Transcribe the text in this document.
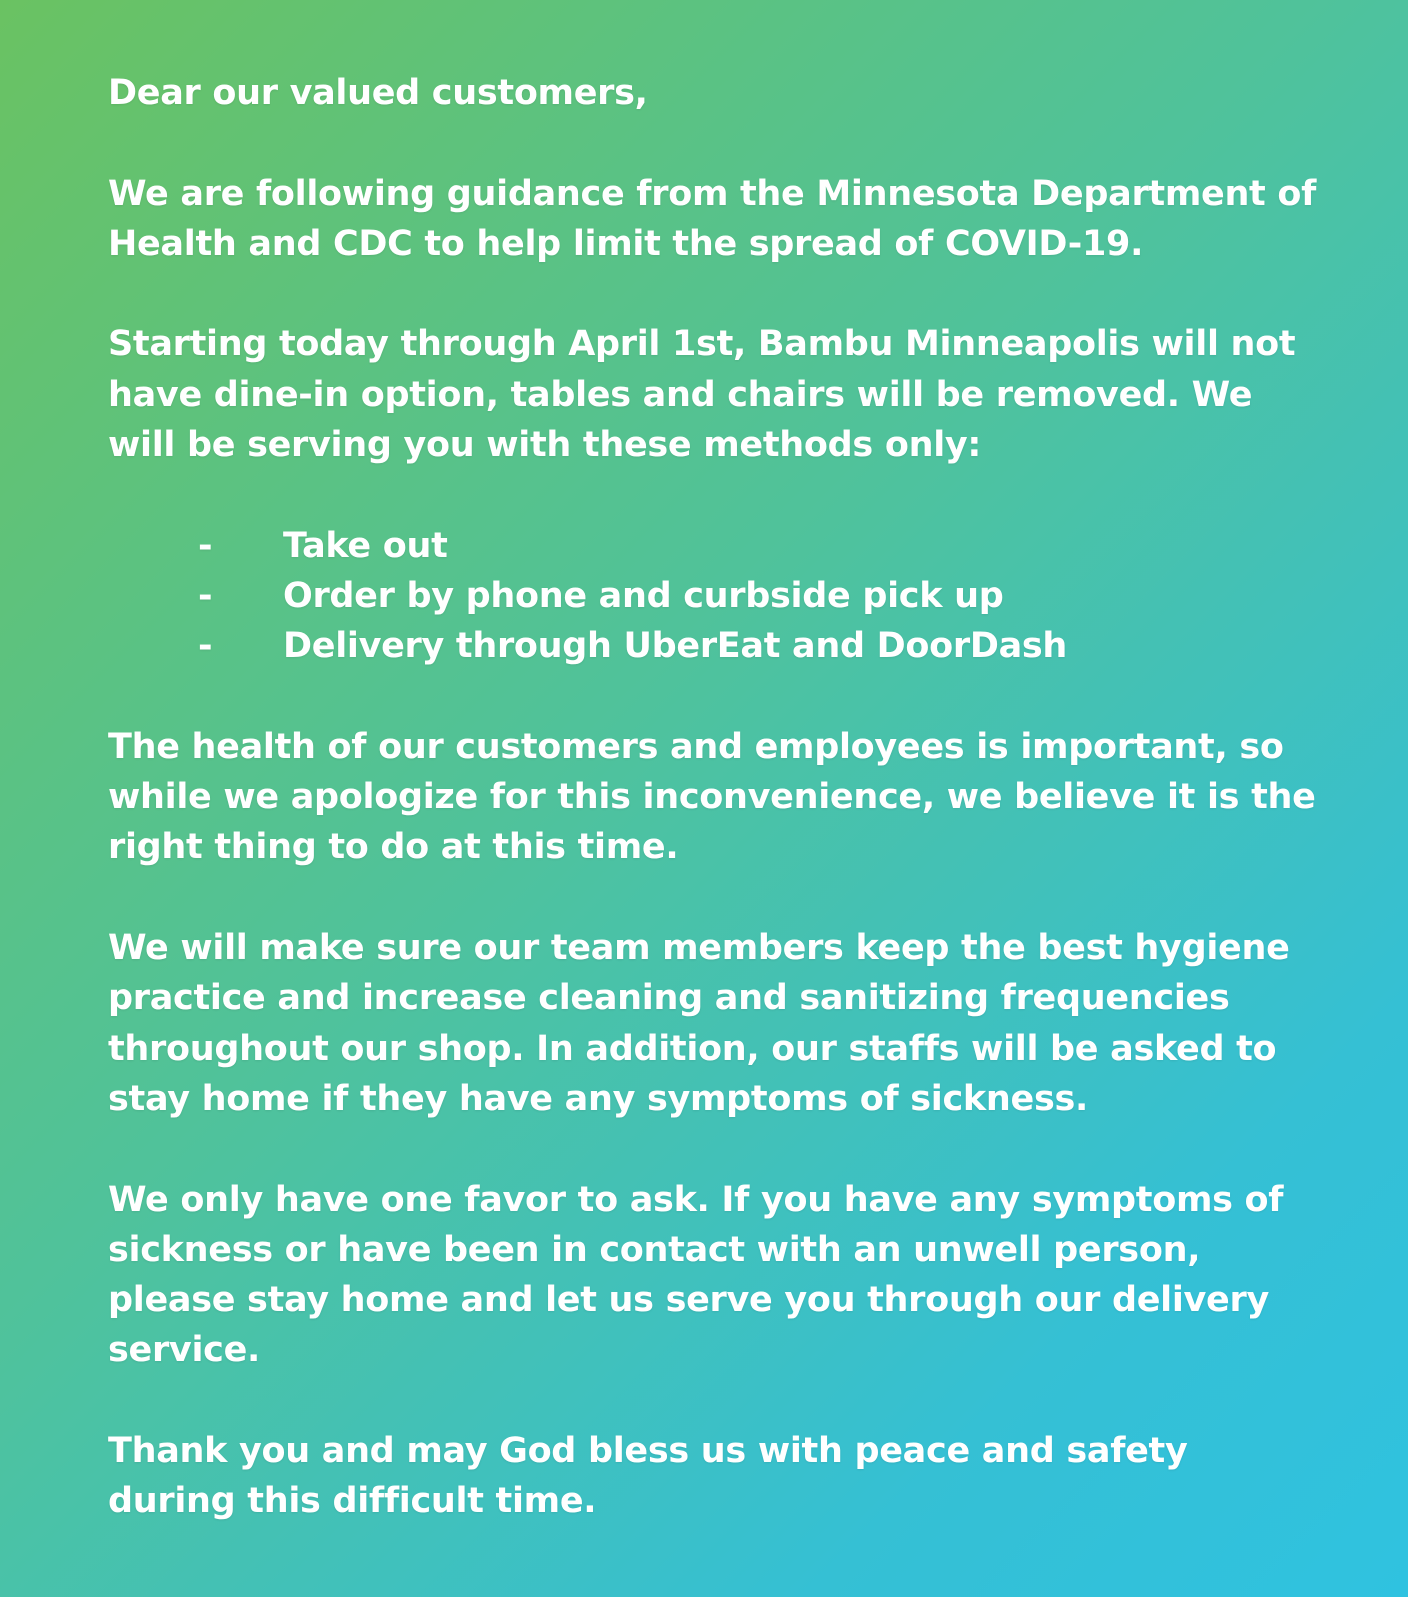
Dear our valued customers,

We are following guidance from the Minnesota Department of
Health and CDC to help limit the spread of COVID-19.

Starting today through April 1st, Bambu Minneapolis will not
have dine-in option, tables and chairs will be removed. We
will be serving you with these methods only:

-	Take out
-	Order by phone and curbside pick up
-	Delivery through UberEat and DoorDash

The health of our customers and employees is important, so
while we apologize for this inconvenience, we believe it is the
right thing to do at this time.

We will make sure our team members keep the best hygiene
practice and increase cleaning and sanitizing frequencies
throughout our shop. In addition, our staffs will be asked to
stay home if they have any symptoms of sickness.

We only have one favor to ask. If you have any symptoms of
sickness or have been in contact with an unwell person,
please stay home and let us serve you through our delivery
service.

Thank you and may God bless us with peace and safety
during this difficult time.
